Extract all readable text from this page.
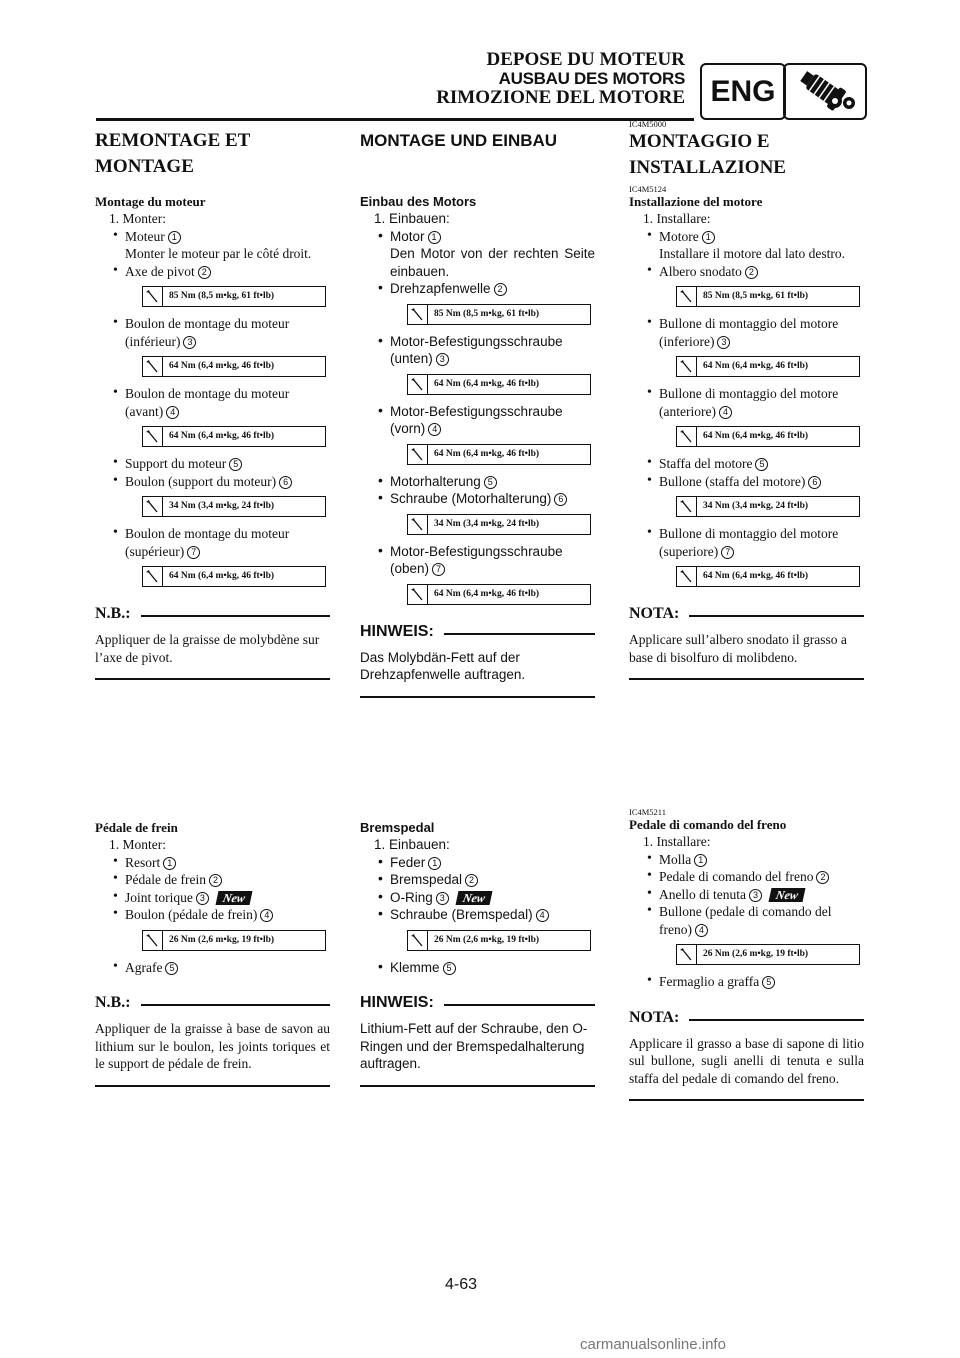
DEPOSE DU MOTEUR
AUSBAU DES MOTORS
RIMOZIONE DEL MOTORE ENG
REMONTAGE ET MONTAGE
Montage du moteur
1. Monter:
• Moteur 1
Monter le moteur par le côté droit.
• Axe de pivot 2
85 Nm (8,5 m•kg, 61 ft•lb)
• Boulon de montage du moteur (inférieur) 3
64 Nm (6,4 m•kg, 46 ft•lb)
• Boulon de montage du moteur (avant) 4
64 Nm (6,4 m•kg, 46 ft•lb)
• Support du moteur 5
• Boulon (support du moteur) 6
34 Nm (3,4 m•kg, 24 ft•lb)
• Boulon de montage du moteur (supérieur) 7
64 Nm (6,4 m•kg, 46 ft•lb)
N.B.:
Appliquer de la graisse de molybdène sur l’axe de pivot.
Pédale de frein
1. Monter:
• Resort 1
• Pédale de frein 2
• Joint torique 3 New
• Boulon (pédale de frein) 4
26 Nm (2,6 m•kg, 19 ft•lb)
• Agrafe 5
N.B.:
Appliquer de la graisse à base de savon au lithium sur le boulon, les joints toriques et le support de pédale de frein.
MONTAGE UND EINBAU
Einbau des Motors
1. Einbauen:
• Motor 1
Den Motor von der rechten Seite einbauen.
• Drehzapfenwelle 2
85 Nm (8,5 m•kg, 61 ft•lb)
• Motor-Befestigungsschraube (unten) 3
64 Nm (6,4 m•kg, 46 ft•lb)
• Motor-Befestigungsschraube (vorn) 4
64 Nm (6,4 m•kg, 46 ft•lb)
• Motorhalterung 5
• Schraube (Motorhalterung) 6
34 Nm (3,4 m•kg, 24 ft•lb)
• Motor-Befestigungsschraube (oben) 7
64 Nm (6,4 m•kg, 46 ft•lb)
HINWEIS:
Das Molybdän-Fett auf der Drehzapfenwelle auftragen.
Bremspedal
1. Einbauen:
• Feder 1
• Bremspedal 2
• O-Ring 3 New
• Schraube (Bremspedal) 4
26 Nm (2,6 m•kg, 19 ft•lb)
• Klemme 5
HINWEIS:
Lithium-Fett auf der Schraube, den O-Ringen und der Bremspedalhalterung auftragen.
IC4M5000
MONTAGGIO E INSTALLAZIONE
IC4M5124
Installazione del motore
1. Installare:
• Motore 1
Installare il motore dal lato destro.
• Albero snodato 2
85 Nm (8,5 m•kg, 61 ft•lb)
• Bullone di montaggio del motore (inferiore) 3
64 Nm (6,4 m•kg, 46 ft•lb)
• Bullone di montaggio del motore (anteriore) 4
64 Nm (6,4 m•kg, 46 ft•lb)
• Staffa del motore 5
• Bullone (staffa del motore) 6
34 Nm (3,4 m•kg, 24 ft•lb)
• Bullone di montaggio del motore (superiore) 7
64 Nm (6,4 m•kg, 46 ft•lb)
NOTA:
Applicare sull’albero snodato il grasso a base di bisolfuro di molibdeno.
IC4M5211
Pedale di comando del freno
1. Installare:
• Molla 1
• Pedale di comando del freno 2
• Anello di tenuta 3 New
• Bullone (pedale di comando del freno) 4
26 Nm (2,6 m•kg, 19 ft•lb)
• Fermaglio a graffa 5
NOTA:
Applicare il grasso a base di sapone di litio sul bullone, sugli anelli di tenuta e sulla staffa del pedale di comando del freno.
4-63
carmanualsonline.info
